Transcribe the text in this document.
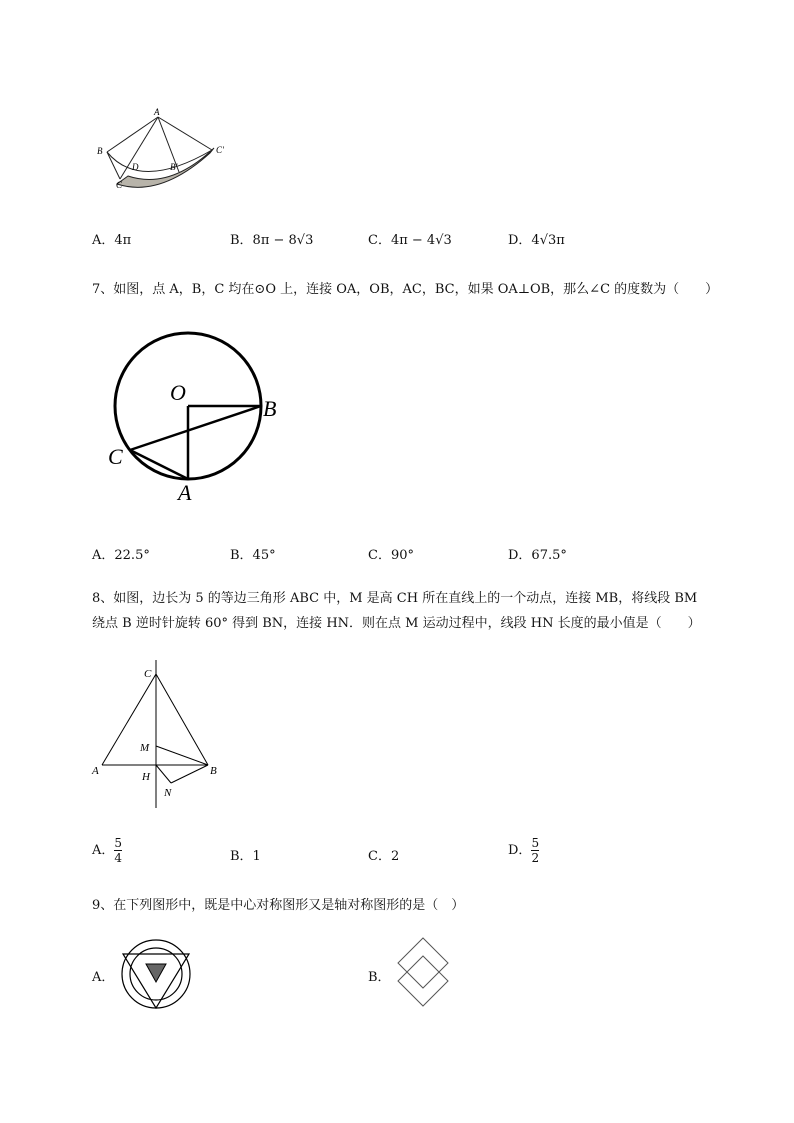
A
B
C
D	B'
C'
A．4π	B．8π − 8√3	C．4π − 4√3	D．4√3π
7、如图，点 A，B，C 均在⊙O 上，连接 OA，OB，AC，BC，如果 OA⊥OB，那么∠C 的度数为（　　）
O
B
C
A
A．22.5°	B．45°	C．90°	D．67.5°
8、如图，边长为 5 的等边三角形 ABC 中，M 是高 CH 所在直线上的一个动点，连接 MB，将线段 BM
绕点 B 逆时针旋转 60° 得到 BN，连接 HN．则在点 M 运动过程中，线段 HN 长度的最小值是（　　）
C
M
A	H	B
N
A． $\frac{5}{4}$	B．1	C．2	D． $\frac{5}{2}$
9、在下列图形中，既是中心对称图形又是轴对称图形的是（　）
A．	B．
